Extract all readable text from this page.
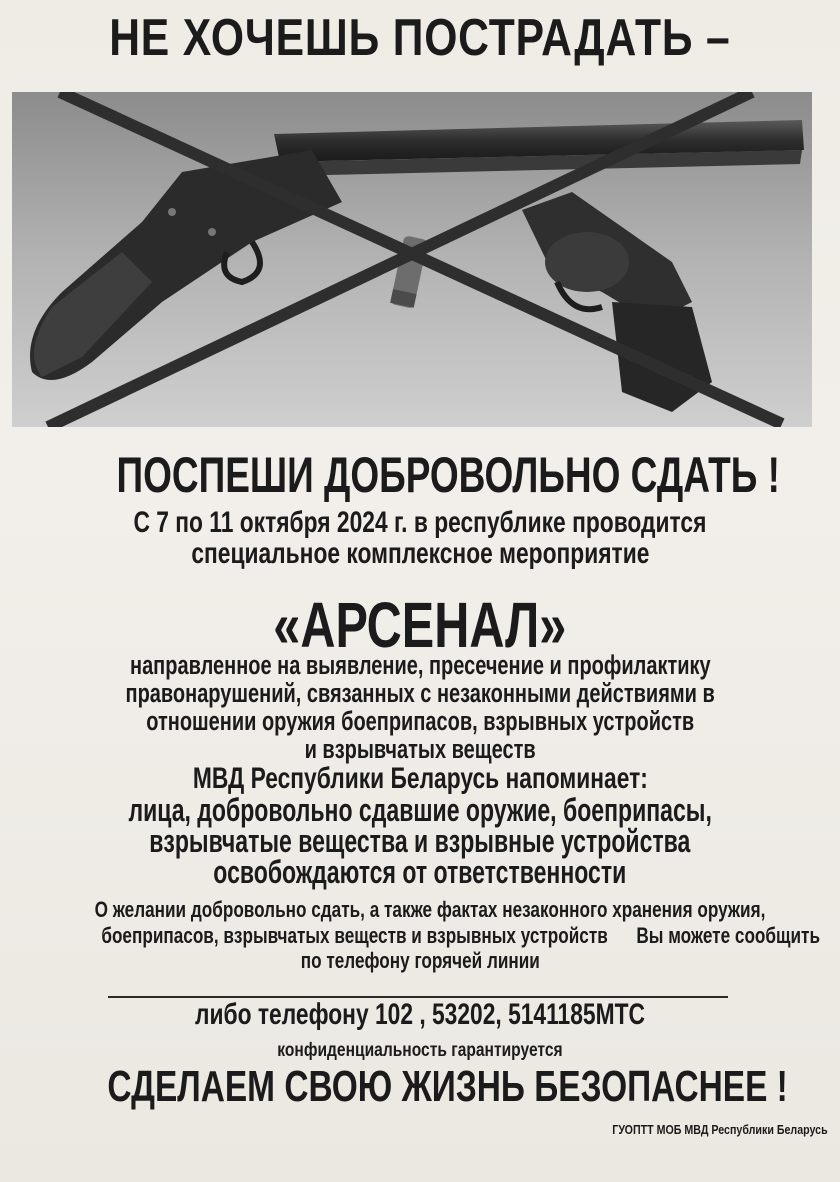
НЕ ХОЧЕШЬ ПОСТРАДАТЬ –
ПОСПЕШИ ДОБРОВОЛЬНО СДАТЬ !
С 7 по 11 октября 2024 г. в республике проводится
специальное комплексное мероприятие
«АРСЕНАЛ»
направленное на выявление, пресечение и профилактику
правонарушений, связанных с незаконными действиями в
отношении оружия боеприпасов, взрывных устройств
и взрывчатых веществ
МВД Республики Беларусь напоминает:
лица, добровольно сдавшие оружие, боеприпасы,
взрывчатые вещества и взрывные устройства
освобождаются от ответственности
О желании добровольно сдать, а также фактах незаконного хранения оружия,
боеприпасов, взрывчатых веществ и взрывных устройств      Вы можете сообщить
по телефону горячей линии
либо телефону 102 , 53202, 5141185МТС
конфиденциальность гарантируется
СДЕЛАЕМ СВОЮ ЖИЗНЬ БЕЗОПАСНЕЕ !
ГУОПТТ МОБ МВД Республики Беларусь
